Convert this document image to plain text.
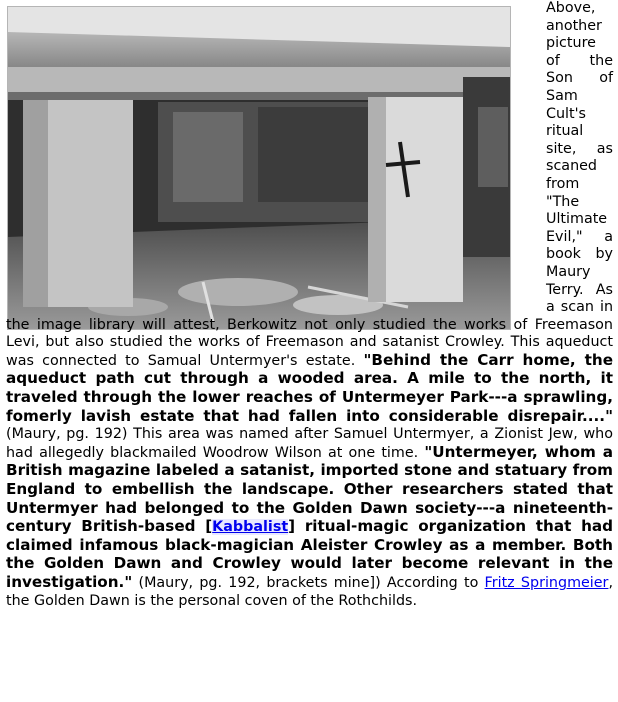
Above, another picture of the Son of Sam Cult's ritual site, as scaned from "The Ultimate Evil," a book by Maury Terry. As a scan in the image library will attest, Berkowitz not only studied the works of Freemason Levi, but also studied the works of Freemason and satanist Crowley. This aqueduct was connected to Samual Untermyer's estate. "Behind the Carr home, the aqueduct path cut through a wooded area. A mile to the north, it traveled through the lower reaches of Untermeyer Park---a sprawling, fomerly lavish estate that had fallen into considerable disrepair...." (Maury, pg. 192) This area was named after Samuel Untermyer, a Zionist Jew, who had allegedly blackmailed Woodrow Wilson at one time. "Untermeyer, whom a British magazine labeled a satanist, imported stone and statuary from England to embellish the landscape. Other researchers stated that Untermyer had belonged to the Golden Dawn society---a nineteenth-century British-based [Kabbalist] ritual-magic organization that had claimed infamous black-magician Aleister Crowley as a member. Both the Golden Dawn and Crowley would later become relevant in the investigation." (Maury, pg. 192, brackets mine]) According to Fritz Springmeier, the Golden Dawn is the personal coven of the Rothchilds.
